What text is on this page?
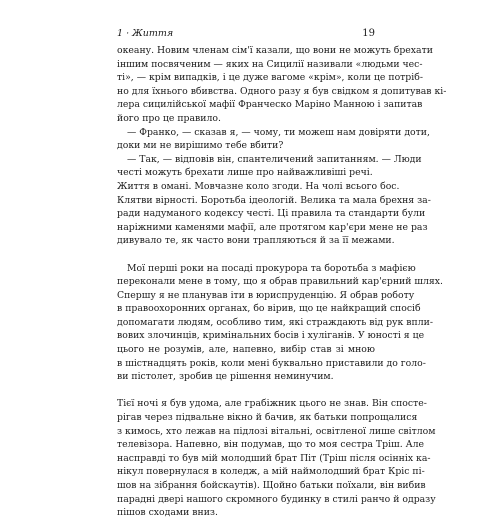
1 · Життя	19
океану. Новим членам сім'ї казали, що вони не можуть брехати
іншим посвяченим — яких на Сицилії називали «людьми чес-
ті», — крім випадків, і це дуже вагоме «крім», коли це потріб-
но для їхнього вбивства. Одного разу я був свідком я допитував кі-
лера сицилійської мафії Франческо Маріно Манною і запитав
його про це правило.
— Франко, — сказав я, — чому, ти можеш нам довіряти доти,
доки ми не вирішимо тебе вбити?
— Так, — відповів він, спантеличений запитанням. — Люди
честі можуть брехати лише про найважливіші речі.
Життя в омані. Мовчазне коло згоди. На чолі всього бос.
Клятви вірності. Боротьба ідеологій. Велика та мала брехня за-
ради надуманого кодексу честі. Ці правила та стандарти були
наріжними каменями мафії, але протягом кар'єри мене не раз
дивувало те, як часто вони трапляються й за її межами.
Мої перші роки на посаді прокурора та боротьба з мафією
переконали мене в тому, що я обрав правильний кар'єрний шлях.
Спершу я не планував іти в юриспруденцію. Я обрав роботу
в правоохоронних органах, бо вірив, що це найкращий спосіб
допомагати людям, особливо тим, які страждають від рук впли-
вових злочинців, кримінальних босів і хуліганів. У юності я це
цього не розумів, але, напевно, вибір став зі мною
в шістнадцять років, коли мені буквально приставили до голо-
ви пістолет, зробив це рішення неминучим.
Тієї ночі я був удома, але грабіжник цього не знав. Він спосте-
рігав через підвальне вікно й бачив, як батьки попрощалися
з кимось, хто лежав на підлозі вітальні, освітленої лише світлом
телевізора. Напевно, він подумав, що то моя сестра Тріш. Але
насправді то був мій молодший брат Піт (Тріш після осінніх ка-
нікул повернулася в коледж, а мій наймолодший брат Кріс пі-
шов на зібрання бойскаутів). Щойно батьки поїхали, він вибив
парадні двері нашого скромного будинку в стилі ранчо й одразу
пішов сходами вниз.
